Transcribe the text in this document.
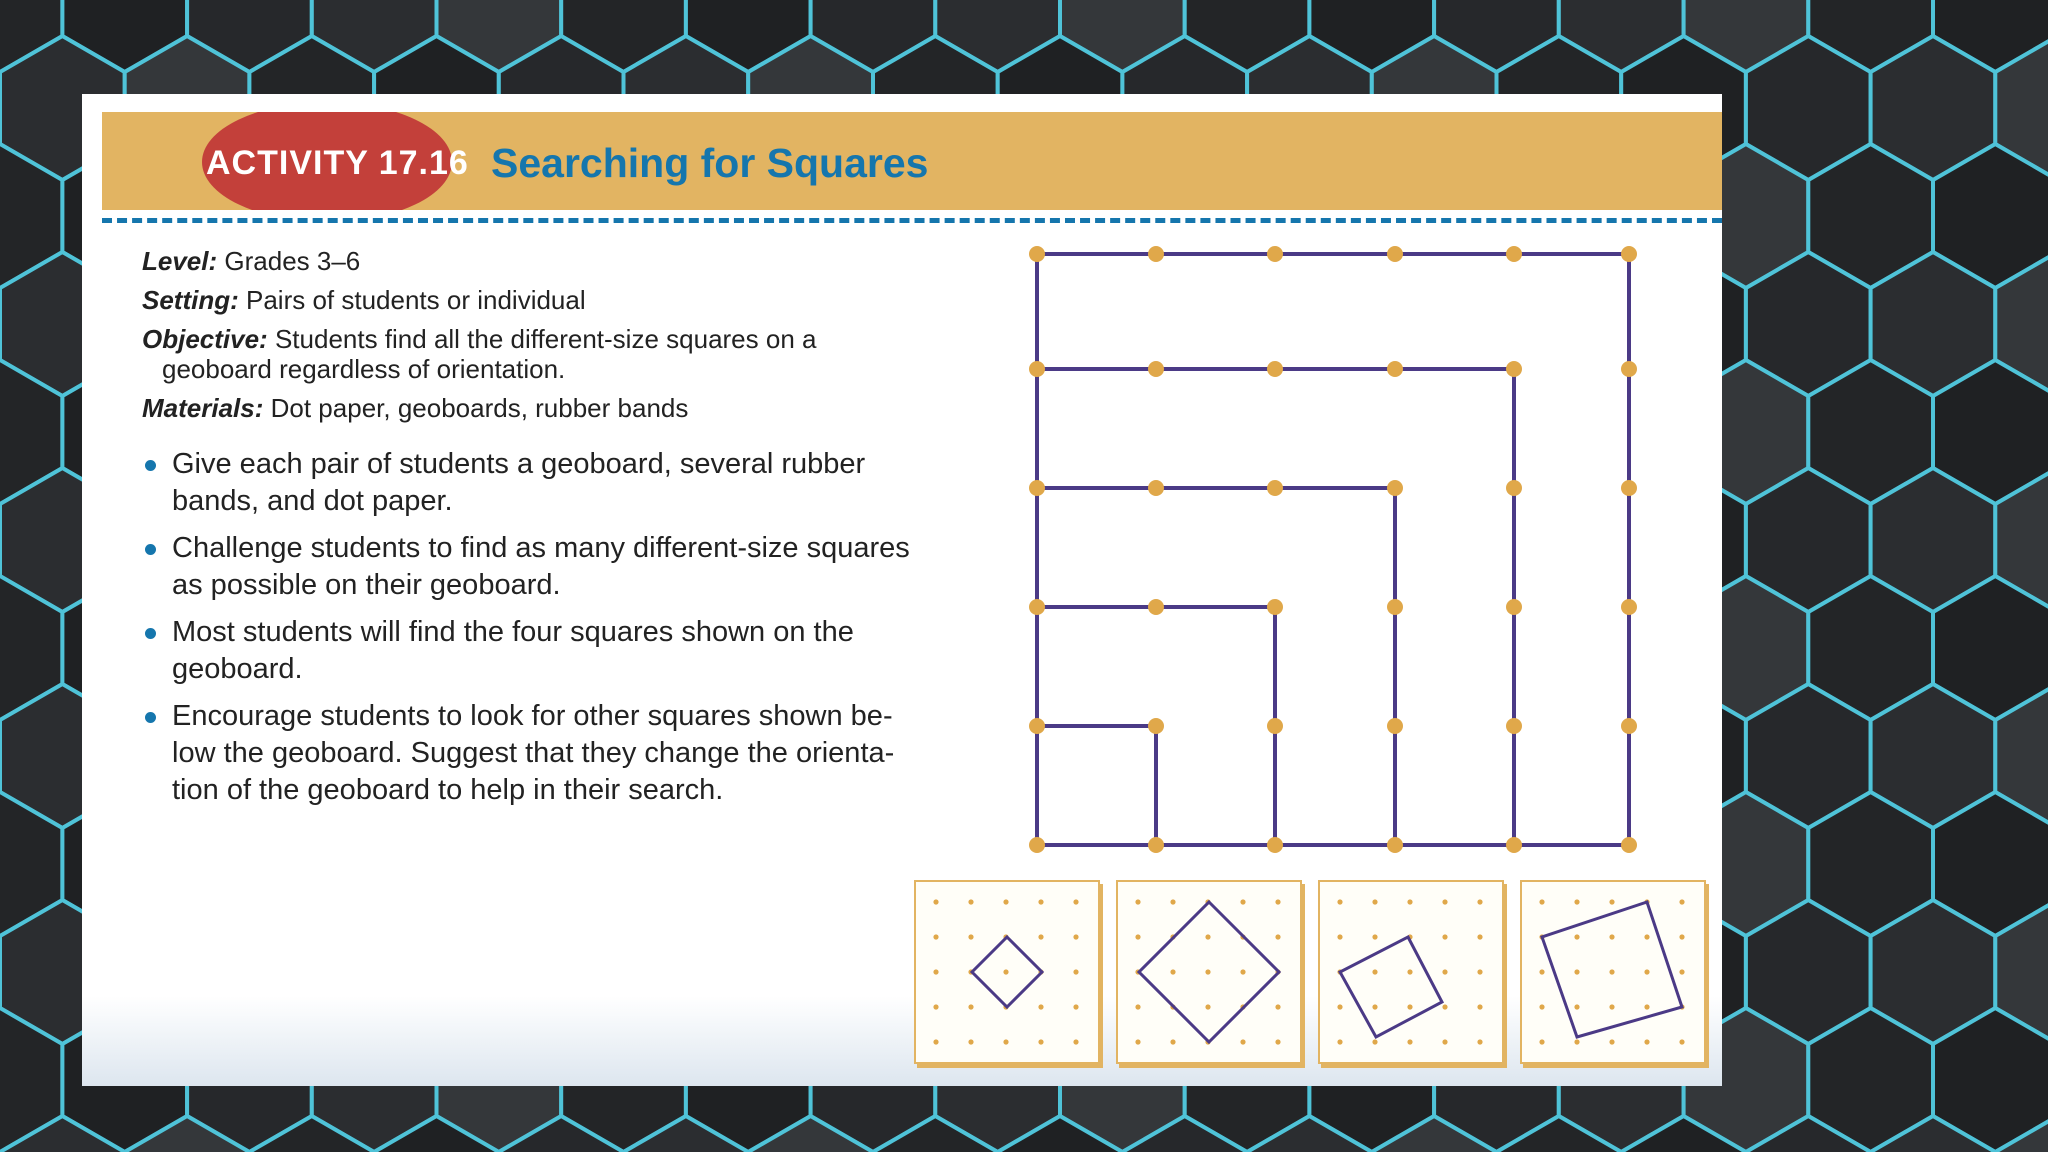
ACTIVITY 17.16 Searching for Squares

Level: Grades 3–6

Setting: Pairs of students or individual

Objective: Students find all the different-size squares on a
geoboard regardless of orientation.

Materials: Dot paper, geoboards, rubber bands

Give each pair of students a geoboard, several rubber
bands, and dot paper.
Challenge students to find as many different-size squares
as possible on their geoboard.
Most students will find the four squares shown on the
geoboard.
Encourage students to look for other squares shown be-
low the geoboard. Suggest that they change the orienta-
tion of the geoboard to help in their search.
